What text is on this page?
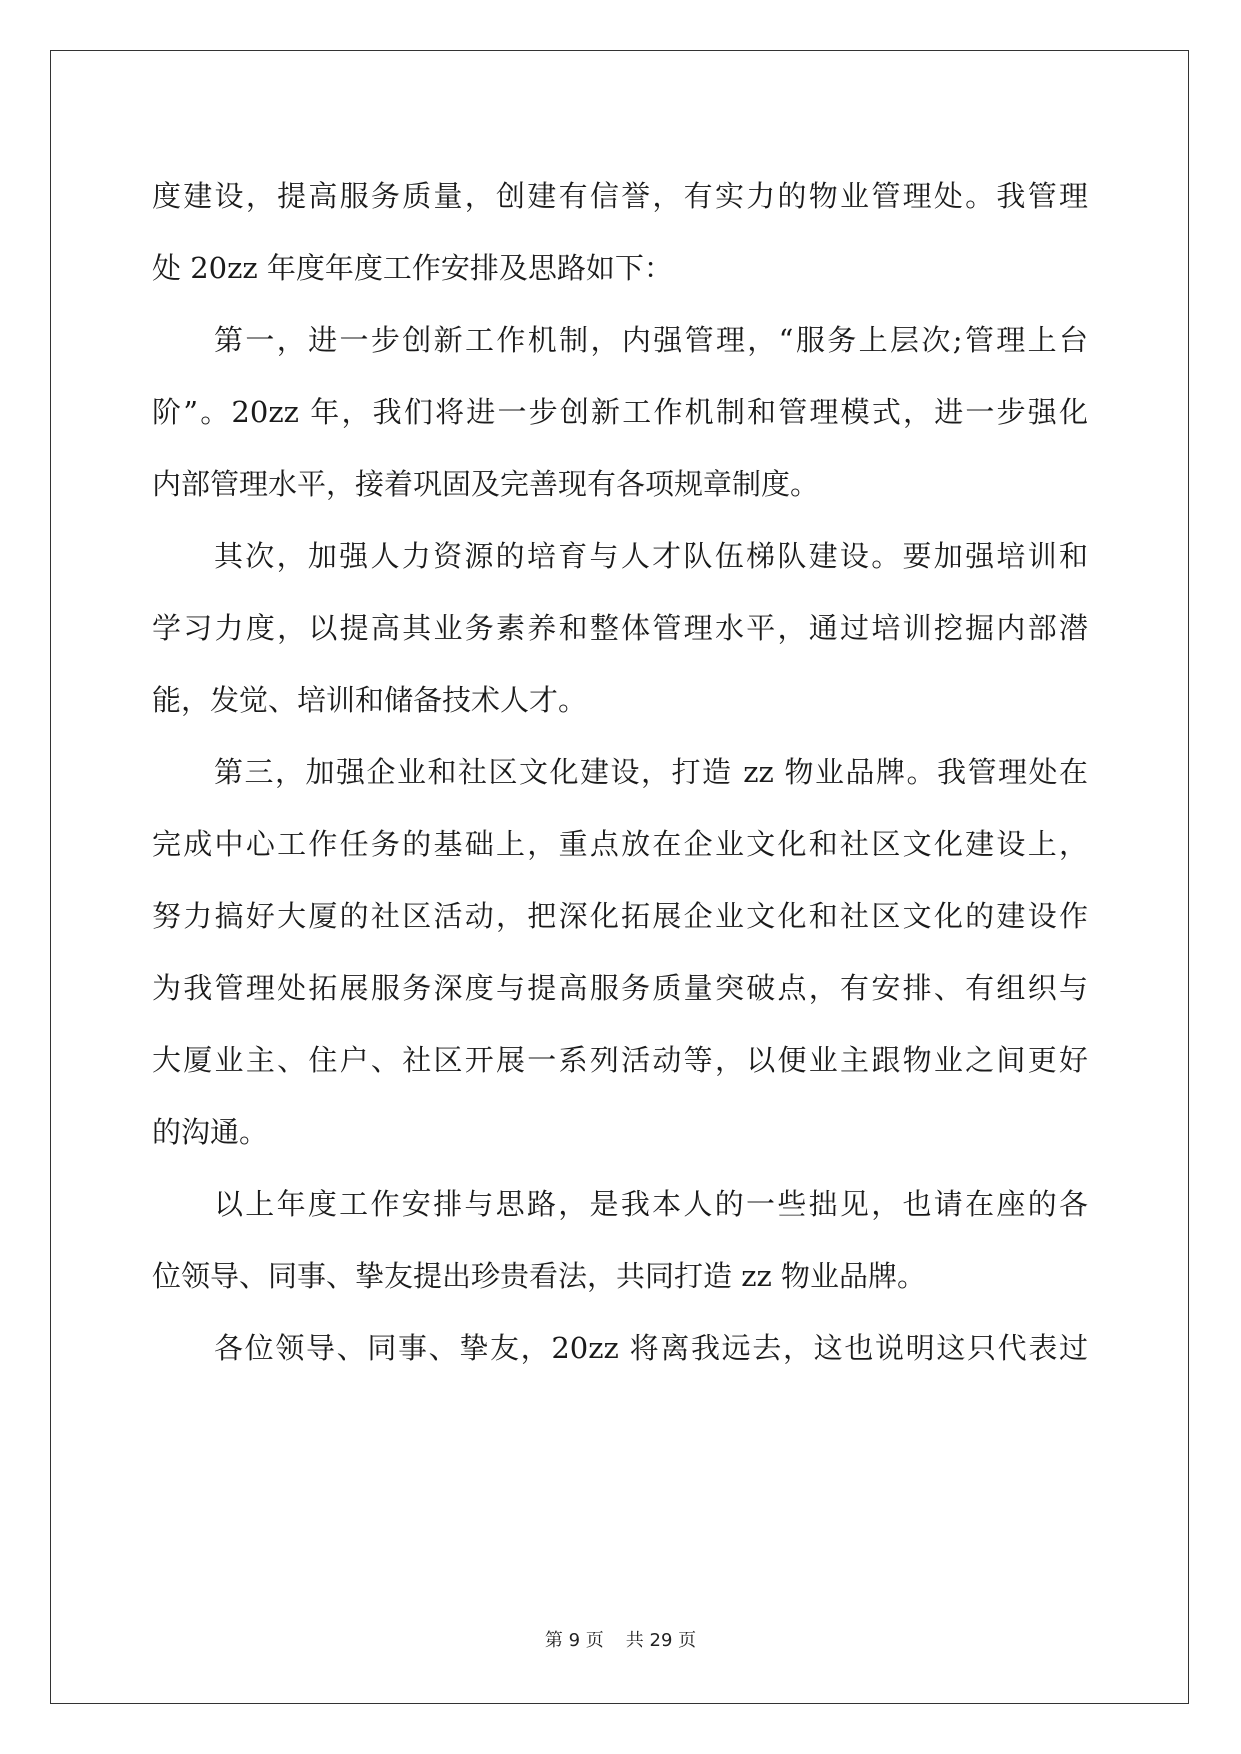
度建设，提高服务质量，创建有信誉，有实力的物业管理处。我管理
处 20zz 年度年度工作安排及思路如下：
第一，进一步创新工作机制，内强管理，“服务上层次;管理上台
阶”。20zz 年，我们将进一步创新工作机制和管理模式，进一步强化
内部管理水平，接着巩固及完善现有各项规章制度。
其次，加强人力资源的培育与人才队伍梯队建设。要加强培训和
学习力度，以提高其业务素养和整体管理水平，通过培训挖掘内部潜
能，发觉、培训和储备技术人才。
第三，加强企业和社区文化建设，打造 zz 物业品牌。我管理处在
完成中心工作任务的基础上，重点放在企业文化和社区文化建设上，
努力搞好大厦的社区活动，把深化拓展企业文化和社区文化的建设作
为我管理处拓展服务深度与提高服务质量突破点，有安排、有组织与
大厦业主、住户、社区开展一系列活动等，以便业主跟物业之间更好
的沟通。
以上年度工作安排与思路，是我本人的一些拙见，也请在座的各
位领导、同事、挚友提出珍贵看法，共同打造 zz 物业品牌。
各位领导、同事、挚友，20zz 将离我远去，这也说明这只代表过
第 9 页 共 29 页
